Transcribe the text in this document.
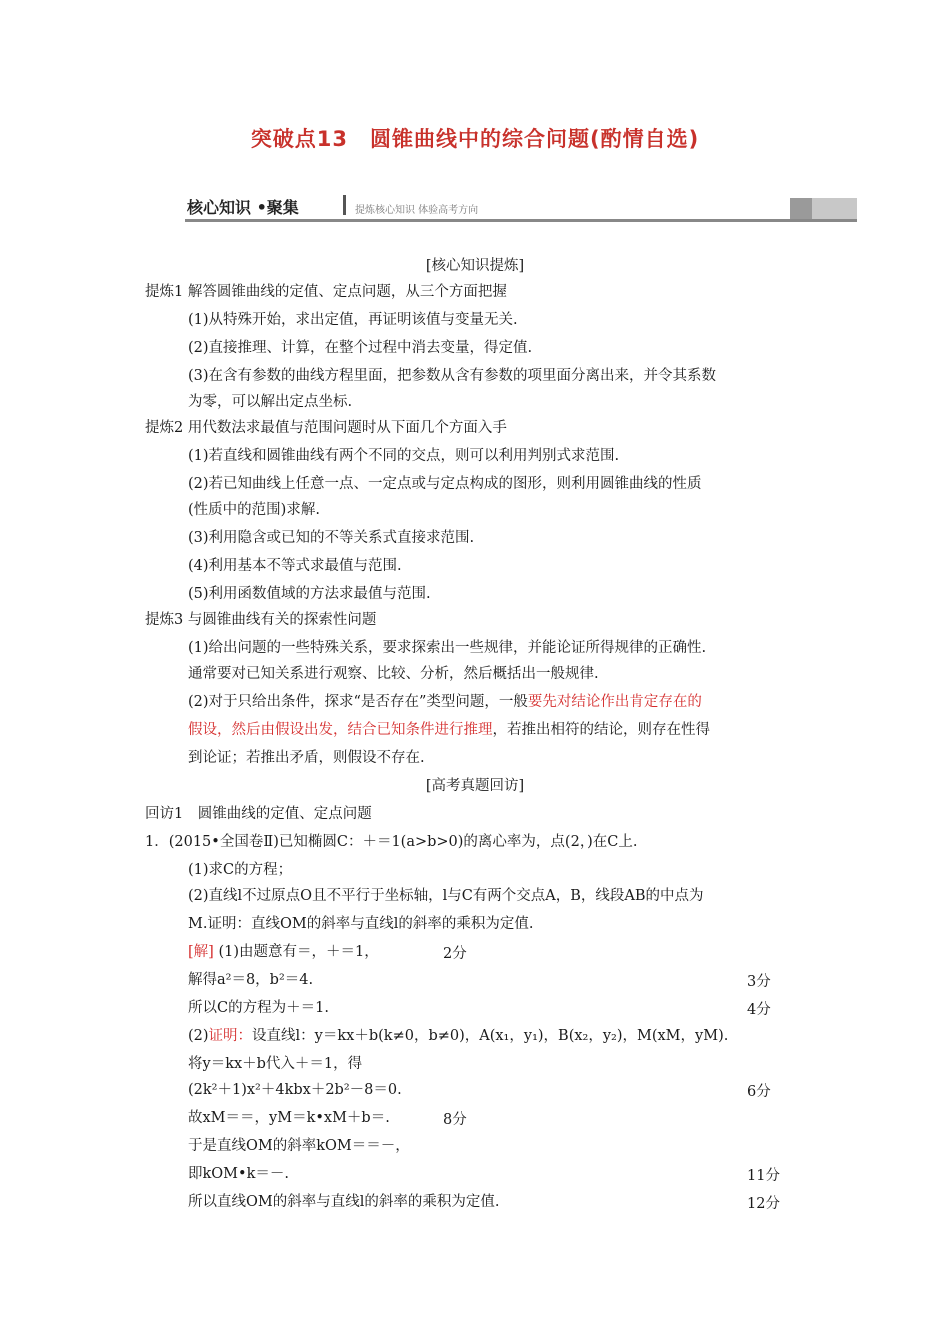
突破点13　圆锥曲线中的综合问题(酌情自选)
核心知识 •聚集	提炼核心知识 体验高考方向
[核心知识提炼]
提炼1 解答圆锥曲线的定值、定点问题，从三个方面把握
(1)从特殊开始，求出定值，再证明该值与变量无关.
(2)直接推理、计算，在整个过程中消去变量，得定值.
(3)在含有参数的曲线方程里面，把参数从含有参数的项里面分离出来，并令其系数
为零，可以解出定点坐标.
提炼2 用代数法求最值与范围问题时从下面几个方面入手
(1)若直线和圆锥曲线有两个不同的交点，则可以利用判别式求范围.
(2)若已知曲线上任意一点、一定点或与定点构成的图形，则利用圆锥曲线的性质
(性质中的范围)求解.
(3)利用隐含或已知的不等关系式直接求范围.
(4)利用基本不等式求最值与范围.
(5)利用函数值域的方法求最值与范围.
提炼3 与圆锥曲线有关的探索性问题
(1)给出问题的一些特殊关系，要求探索出一些规律，并能论证所得规律的正确性.
通常要对已知关系进行观察、比较、分析，然后概括出一般规律.
(2)对于只给出条件，探求“是否存在”类型问题，一般要先对结论作出肯定存在的
假设，然后由假设出发，结合已知条件进行推理，若推出相符的结论，则存在性得
到论证；若推出矛盾，则假设不存在.
[高考真题回访]
回访1　圆锥曲线的定值、定点问题
1．(2015•全国卷Ⅱ)已知椭圆C：＋＝1(a>b>0)的离心率为，点(2，)在C上.
(1)求C的方程；
(2)直线l不过原点O且不平行于坐标轴，l与C有两个交点A，B，线段AB的中点为
M.证明：直线OM的斜率与直线l的斜率的乘积为定值.
[解] (1)由题意有＝，＋＝1，	2分
解得a²＝8，b²＝4.	3分
所以C的方程为＋＝1.	4分
(2)证明：设直线l：y＝kx＋b(k≠0，b≠0)，A(x₁，y₁)，B(x₂，y₂)，M(xM，yM).
将y＝kx＋b代入＋＝1，得
(2k²＋1)x²＋4kbx＋2b²－8＝0.	6分
故xM＝＝，yM＝k•xM＋b＝.	8分
于是直线OM的斜率kOM＝＝－，
即kOM•k＝－.	11分
所以直线OM的斜率与直线l的斜率的乘积为定值.	12分
